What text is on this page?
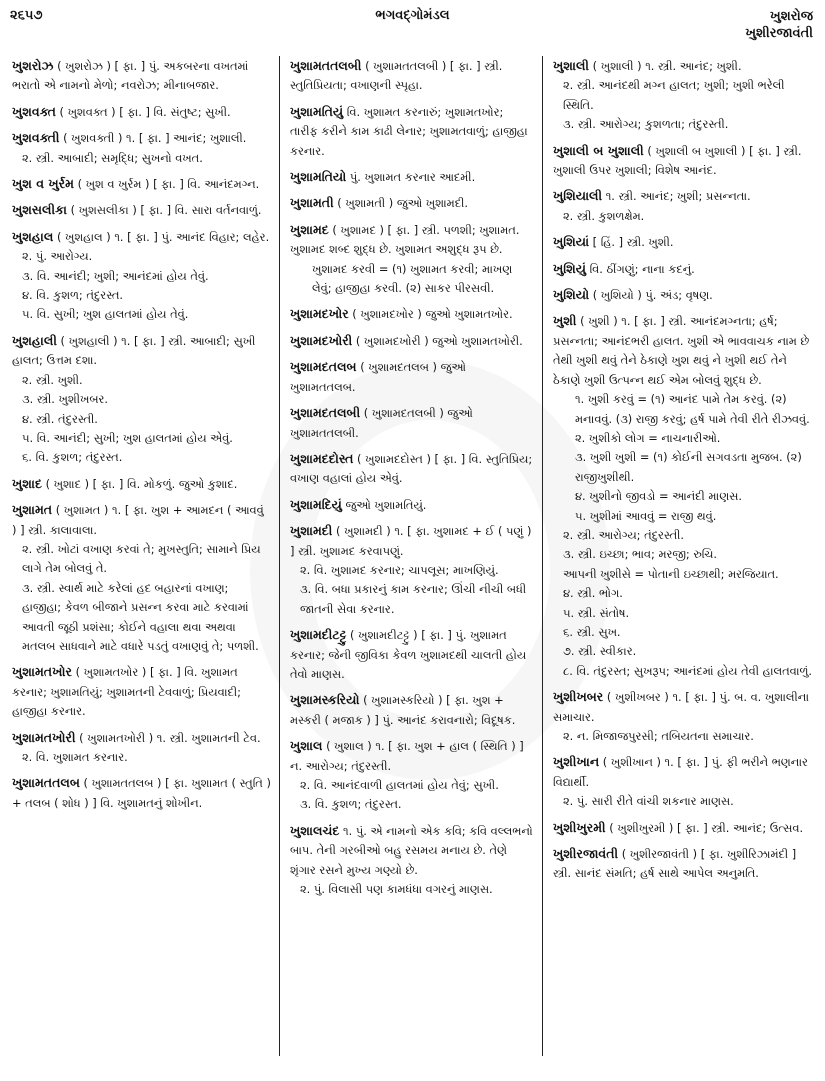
૨૬૫૭	ભગવદ્ગોમંડલ	ખુશરોજ
ખુશીરજાવંતી
ખુશરોઝ ( ખુશરોઝ ) [ ફા. ] પું. અકબરના વખતમાં ભરાતો એ નામનો મેળો; નવરોઝ; મીનાબજાર.
ખુશવક્ત ( ખુશવક્ત ) [ ફા. ] વિ. સંતુષ્ટ; સુખી.
ખુશવક્તી ( ખુશવક્તી ) ૧. [ ફા. ] આનંદ; ખુશાલી.
૨. સ્ત્રી. આબાદી; સમૃદ્ધિ; સુખનો વખત.
ખુશ વ ખુર્રમ ( ખુશ વ ખુર્રમ ) [ ફા. ] વિ. આનંદમગ્ન.
ખુશસલીકા ( ખુશસલીકા ) [ ફા. ] વિ. સારા વર્તનવાળું.
ખુશહાલ ( ખુશહાલ ) ૧. [ ફા. ] પું. આનંદ વિહાર; લહેર.
૨. પું. આરોગ્ય.
૩. વિ. આનંદી; ખુશી; આનંદમાં હોય તેવું.
૪. વિ. કુશળ; તંદુરસ્ત.
૫. વિ. સુખી; ખુશ હાલતમાં હોય તેવું.
ખુશહાલી ( ખુશહાલી ) ૧. [ ફા. ] સ્ત્રી. આબાદી; સુખી હાલત; ઉત્તમ દશા.
૨. સ્ત્રી. ખુશી.
૩. સ્ત્રી. ખુશીખબર.
૪. સ્ત્રી. તંદુરસ્તી.
૫. વિ. આનંદી; સુખી; ખુશ હાલતમાં હોય એવું.
૬. વિ. કુશળ; તંદુરસ્ત.
ખુશાદ ( ખુશાદ ) [ ફા. ] વિ. મોકળું. જુઓ કુશાદ.
ખુશામત ( ખુશામત ) ૧. [ ફા. ખુશ + આમદન ( આવવું ) ] સ્ત્રી. કાલાવાલા.
૨. સ્ત્રી. ખોટાં વખાણ કરવાં તે; મુખસ્તુતિ; સામાને પ્રિય લાગે તેમ બોલવું તે.
૩. સ્ત્રી. સ્વાર્થ માટે કરેલાં હદ બહારનાં વખાણ; હાજીહા; કેવળ બીજાને પ્રસન્ન કરવા માટે કરવામાં આવતી જૂઠી પ્રશંસા; કોઈને વહાલા થવા અથવા મતલબ સાધવાને માટે વધારે પડતું વખાણવું તે; પળશી.
ખુશામતખોર ( ખુશામતખોર ) [ ફા. ] વિ. ખુશામત કરનાર; ખુશામતિયું; ખુશામતની ટેવવાળું; પ્રિયવાદી; હાજીહા કરનાર.
ખુશામતખોરી ( ખુશામતખોરી ) ૧. સ્ત્રી. ખુશામતની ટેવ.
૨. વિ. ખુશામત કરનાર.
ખુશામતતલબ ( ખુશામતતલબ ) [ ફા. ખુશામત ( સ્તુતિ ) + તલબ ( શોધ ) ] વિ. ખુશામતનું શોખીન.
ખુશામતતલબી ( ખુશામતતલબી ) [ ફા. ] સ્ત્રી. સ્તુતિપ્રિયતા; વખાણની સ્પૃહા.
ખુશામતિયું વિ. ખુશામત કરનારું; ખુશામતખોર; તારીફ કરીને કામ કાઢી લેનાર; ખુશામતવાળું; હાજીહા કરનાર.
ખુશામતિયો પું. ખુશામત કરનાર આદમી.
ખુશામતી ( ખુશામતી ) જુઓ ખુશામદી.
ખુશામદ ( ખુશામદ ) [ ફા. ] સ્ત્રી. પળશી; ખુશામત. ખુશામદ શબ્દ શુદ્ધ છે. ખુશામત અશુદ્ધ રૂપ છે.
ખુશામદ કરવી = (૧) ખુશામત કરવી; માખણ લેવું; હાજીહા કરવી. (૨) સાકર પીરસવી.
ખુશામદખોર ( ખુશામદખોર ) જુઓ ખુશામતખોર.
ખુશામદખોરી ( ખુશામદખોરી ) જુઓ ખુશામતખોરી.
ખુશામદતલબ ( ખુશામદતલબ ) જુઓ ખુશામતતલબ.
ખુશામદતલબી ( ખુશામદતલબી ) જુઓ ખુશામતતલબી.
ખુશામદદોસ્ત ( ખુશામદદોસ્ત ) [ ફા. ] વિ. સ્તુતિપ્રિય; વખાણ વહાલાં હોય એવું.
ખુશામદિયું જુઓ ખુશામતિયું.
ખુશામદી ( ખુશામદી ) ૧. [ ફા. ખુશામદ + ઈ ( પણું ) ] સ્ત્રી. ખુશામદ કરવાપણું.
૨. વિ. ખુશામદ કરનાર; ચાપલૂસ; માખણિયું.
૩. વિ. બધા પ્રકારનું કામ કરનાર; ઊંચી નીચી બધી જાતની સેવા કરનાર.
ખુશામદીટટ્ટુ ( ખુશામદીટટ્ટુ ) [ ફા. ] પું. ખુશામત કરનાર; જેની જીવિકા કેવળ ખુશામદથી ચાલતી હોય તેવો માણસ.
ખુશામસ્કરિયો ( ખુશામસ્કરિયો ) [ ફા. ખુશ + મસ્કરી ( મજાક ) ] પું. આનંદ કરાવનારો; વિદૂષક.
ખુશાલ ( ખુશાલ ) ૧. [ ફા. ખુશ + હાલ ( સ્થિતિ ) ] ન. આરોગ્ય; તંદુરસ્તી.
૨. વિ. આનંદવાળી હાલતમાં હોય તેવું; સુખી.
૩. વિ. કુશળ; તંદુરસ્ત.
ખુશાલચંદ ૧. પું. એ નામનો એક કવિ; કવિ વલ્લભનો બાપ. તેની ગરબીઓ બહુ રસમય મનાય છે. તેણે શૃંગાર રસને મુખ્ય ગણ્યો છે.
૨. પું. વિલાસી પણ કામધંધા વગરનું માણસ.
ખુશાલી ( ખુશાલી ) ૧. સ્ત્રી. આનંદ; ખુશી.
૨. સ્ત્રી. આનંદથી મગ્ન હાલત; ખુશી; ખુશી ભરેલી સ્થિતિ.
૩. સ્ત્રી. આરોગ્ય; કુશળતા; તંદુરસ્તી.
ખુશાલી બ ખુશાલી ( ખુશાલી બ ખુશાલી ) [ ફા. ] સ્ત્રી. ખુશાલી ઉપર ખુશાલી; વિશેષ આનંદ.
ખુશિયાલી ૧. સ્ત્રી. આનંદ; ખુશી; પ્રસન્નતા.
૨. સ્ત્રી. કુશળક્ષેમ.
ખુશિયાં [ હિં. ] સ્ત્રી. ખુશી.
ખુશિયું વિ. ઠીંગણું; નાના કદનું.
ખુશિયો ( ખુશિયો ) પું. અંડ; વૃષણ.
ખુશી ( ખુશી ) ૧. [ ફા. ] સ્ત્રી. આનંદમગ્નતા; હર્ષ; પ્રસન્નતા; આનંદભરી હાલત. ખુશી એ ભાવવાચક નામ છે તેથી ખુશી થવું તેને ઠેકાણે ખુશ થવું ને ખુશી થઈ તેને ઠેકાણે ખુશી ઉત્પન્ન થઈ એમ બોલવું શુદ્ધ છે.
૧. ખુશી કરવું = (૧) આનંદ પામે તેમ કરવું. (૨) મનાવવું. (૩) રાજી કરવું; હર્ષ પામે તેવી રીતે રીઝવવું.
૨. ખુશીકો લોગ = નાચનારીઓ.
૩. ખુશી ખુશી = (૧) કોઈની સગવડતા મુજબ. (૨) રાજીખુશીથી.
૪. ખુશીનો જીવડો = આનંદી માણસ.
૫. ખુશીમાં આવવું = રાજી થવું.
૨. સ્ત્રી. આરોગ્ય; તંદુરસ્તી.
૩. સ્ત્રી. ઇચ્છા; ભાવ; મરજી; રુચિ.
આપની ખુશીસે = પોતાની ઇચ્છાથી; મરજિયાત.
૪. સ્ત્રી. ભોગ.
૫. સ્ત્રી. સંતોષ.
૬. સ્ત્રી. સુખ.
૭. સ્ત્રી. સ્વીકાર.
૮. વિ. તંદુરસ્ત; સુખરૂપ; આનંદમાં હોય તેવી હાલતવાળું.
ખુશીખબર ( ખુશીખબર ) ૧. [ ફા. ] પું. બ. વ. ખુશાલીના સમાચાર.
૨. ન. મિજાજપુરસી; તબિયતના સમાચાર.
ખુશીખાન ( ખુશીખાન ) ૧. [ ફા. ] પું. ફી ભરીને ભણનાર વિદ્યાર્થી.
૨. પું. સારી રીતે વાંચી શકનાર માણસ.
ખુશીખુરમી ( ખુશીખુરમી ) [ ફા. ] સ્ત્રી. આનંદ; ઉત્સવ.
ખુશીરજાવંતી ( ખુશીરજાવંતી ) [ ફા. ખુશીરિઝામંદી ] સ્ત્રી. સાનંદ સંમતિ; હર્ષ સાથે આપેલ અનુમતિ.
